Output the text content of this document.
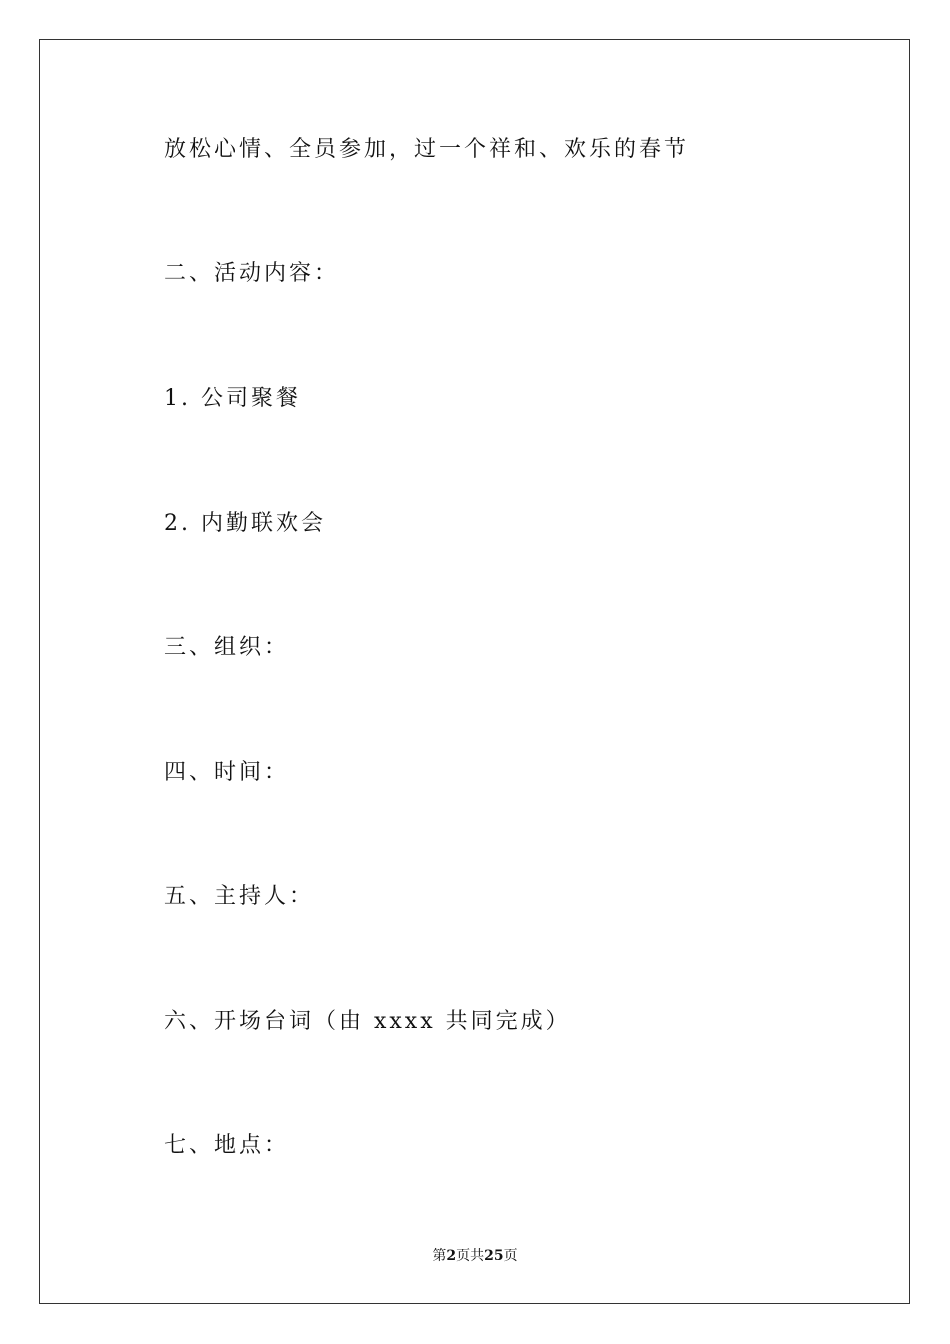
放松心情、全员参加，过一个祥和、欢乐的春节
二、活动内容：
1. 公司聚餐
2. 内勤联欢会
三、组织：
四、时间：
五、主持人：
六、开场台词（由 xxxx 共同完成）
七、地点：
第2页共25页
